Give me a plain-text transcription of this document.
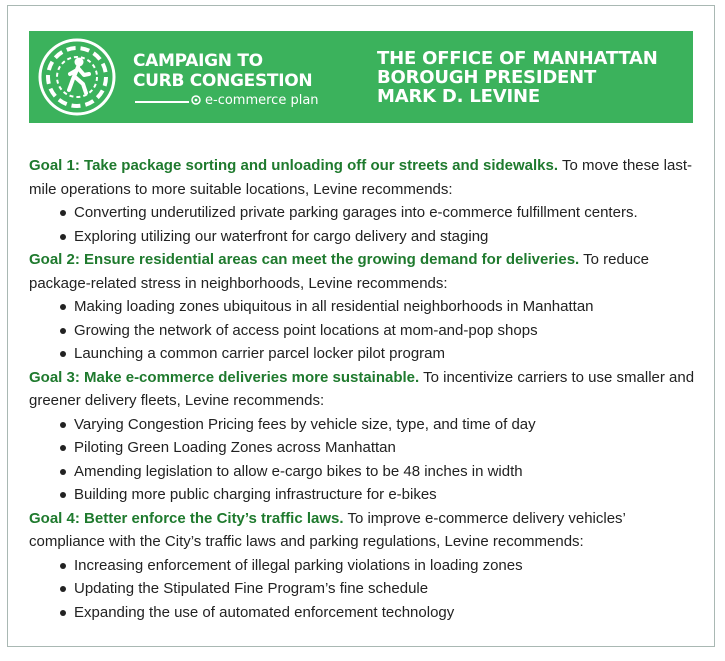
CAMPAIGN TO
CURB CONGESTION
e-commerce plan
THE OFFICE OF MANHATTAN
BOROUGH PRESIDENT
MARK D. LEVINE

Goal 1: Take package sorting and unloading off our streets and sidewalks. To move these last-mile operations to more suitable locations, Levine recommends:

Converting underutilized private parking garages into e-commerce fulfillment centers.
Exploring utilizing our waterfront for cargo delivery and staging

Goal 2: Ensure residential areas can meet the growing demand for deliveries. To reduce package-related stress in neighborhoods, Levine recommends:

Making loading zones ubiquitous in all residential neighborhoods in Manhattan
Growing the network of access point locations at mom-and-pop shops
Launching a common carrier parcel locker pilot program

Goal 3: Make e-commerce deliveries more sustainable. To incentivize carriers to use smaller and greener delivery fleets, Levine recommends:

Varying Congestion Pricing fees by vehicle size, type, and time of day
Piloting Green Loading Zones across Manhattan
Amending legislation to allow e-cargo bikes to be 48 inches in width
Building more public charging infrastructure for e-bikes

Goal 4: Better enforce the City’s traffic laws. To improve e-commerce delivery vehicles’ compliance with the City’s traffic laws and parking regulations, Levine recommends:

Increasing enforcement of illegal parking violations in loading zones
Updating the Stipulated Fine Program’s fine schedule
Expanding the use of automated enforcement technology
